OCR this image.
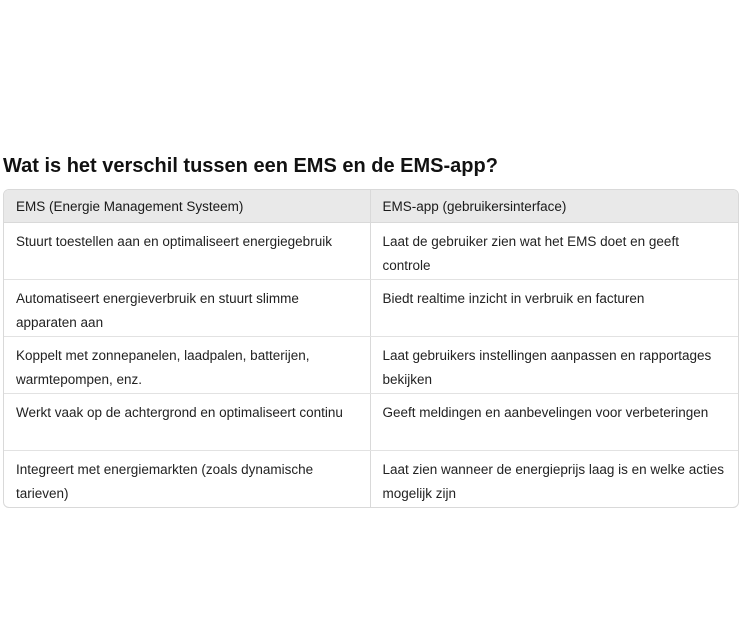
Wat is het verschil tussen een EMS en de EMS-app?
EMS (Energie Management Systeem)	EMS-app (gebruikersinterface)
Stuurt toestellen aan en optimaliseert energiegebruik	Laat de gebruiker zien wat het EMS doet en geeft controle
Automatiseert energieverbruik en stuurt slimme apparaten aan	Biedt realtime inzicht in verbruik en facturen
Koppelt met zonnepanelen, laadpalen, batterijen, warmtepompen, enz.	Laat gebruikers instellingen aanpassen en rapportages bekijken
Werkt vaak op de achtergrond en optimaliseert continu	Geeft meldingen en aanbevelingen voor verbeteringen
Integreert met energiemarkten (zoals dynamische tarieven)	Laat zien wanneer de energieprijs laag is en welke acties mogelijk zijn
